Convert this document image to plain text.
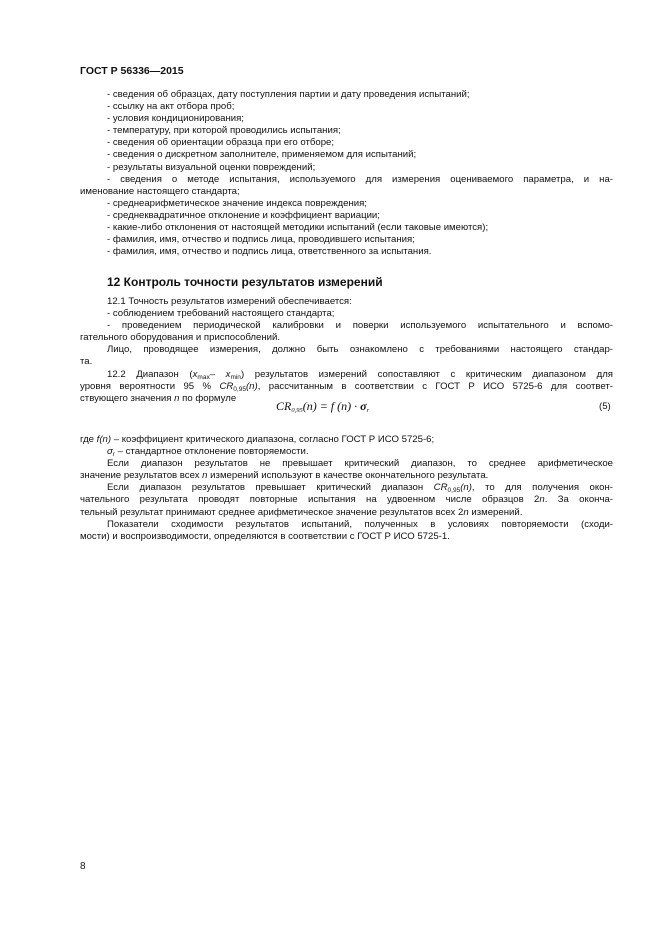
ГОСТ Р 56336—2015
- сведения об образцах, дату поступления партии и дату проведения испытаний;
- ссылку на акт отбора проб;
- условия кондиционирования;
- температуру, при которой проводились испытания;
- сведения об ориентации образца при его отборе;
- сведения о дискретном заполнителе, применяемом для испытаний;
- результаты визуальной оценки повреждений;
- сведения о методе испытания, используемого для измерения оцениваемого параметра, и на-
именование настоящего стандарта;
- среднеарифметическое значение индекса повреждения;
- среднеквадратичное отклонение и коэффициент вариации;
- какие-либо отклонения от настоящей методики испытаний (если таковые имеются);
- фамилия, имя, отчество и подпись лица, проводившего испытания;
- фамилия, имя, отчество и подпись лица, ответственного за испытания.
12 Контроль точности результатов измерений
12.1 Точность результатов измерений обеспечивается:
- соблюдением требований настоящего стандарта;
- проведением периодической калибровки и поверки используемого испытательного и вспомо-
гательного оборудования и приспособлений.
Лицо, проводящее измерения, должно быть ознакомлено с требованиями настоящего стандар-
та.
12.2 Диапазон ($x_{max}-$ $x_{min}$) результатов измерений сопоставляют с критическим диапазоном для
уровня вероятности 95 % $CR_{0,95}(n)$, рассчитанным в соответствии с ГОСТ Р ИСО 5725-6 для соответ-
ствующего значения n по формуле
$CR_{0,95}(n) = f$ $(n) \cdot \sigma_r$	(5)
где f(n) – коэффициент критического диапазона, согласно ГОСТ Р ИСО 5725-6;
$\sigma_r$ – стандартное отклонение повторяемости.
Если диапазон результатов не превышает критический диапазон, то среднее арифметическое
значение результатов всех n измерений используют в качестве окончательного результата.
Если диапазон результатов превышает критический диапазон $CR_{0,95}(n)$, то для получения окон-
чательного результата проводят повторные испытания на удвоенном числе образцов 2n. За оконча-
тельный результат принимают среднее арифметическое значение результатов всех 2n измерений.
Показатели сходимости результатов испытаний, полученных в условиях повторяемости (сходи-
мости) и воспроизводимости, определяются в соответствии с ГОСТ Р ИСО 5725-1.
8
